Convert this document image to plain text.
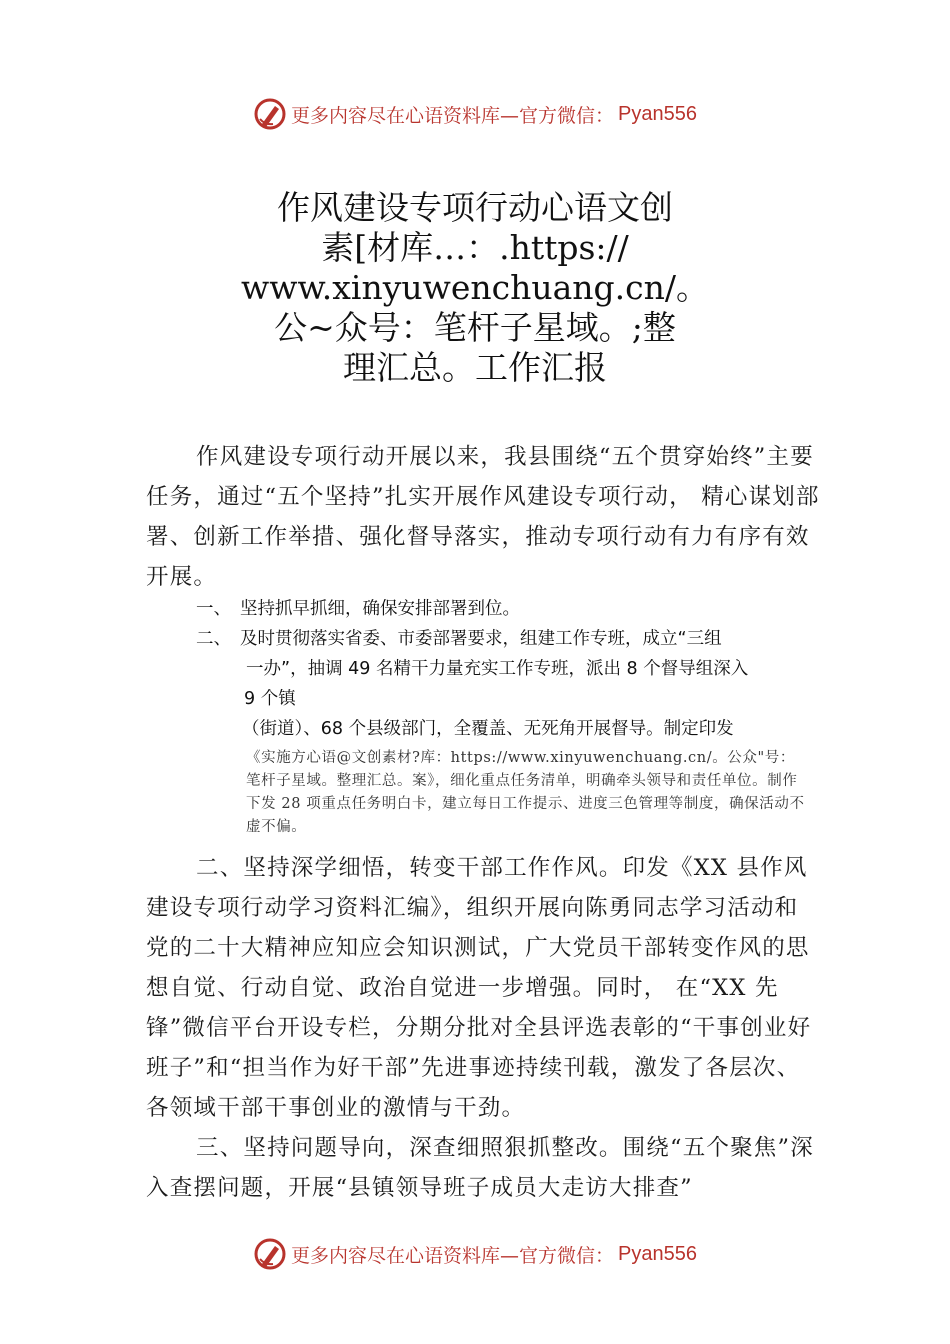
更多内容尽在心语资料库—官方微信： Pyan556
作风建设专项行动心语文创
素[材库…：.https://
www.xinyuwenchuang.cn/。
公~众号：笔杆子星域。;整
理汇总。工作汇报
作风建设专项行动开展以来，我县围绕“五个贯穿始终”主要任务，通过“五个坚持”扎实开展作风建设专项行动， 精心谋划部署、创新工作举措、强化督导落实，推动专项行动有力有序有效开展。
一、 坚持抓早抓细，确保安排部署到位。
二、 及时贯彻落实省委、市委部署要求，组建工作专班，成立“三组
一办”，抽调 49 名精干力量充实工作专班，派出 8 个督导组深入
9 个镇
（街道）、68 个县级部门，全覆盖、无死角开展督导。制定印发
《实施方心语@文创素材?库：https://www.xinyuwenchuang.cn/。公众"号：笔杆子星域。整理汇总。案》，细化重点任务清单，明确牵头领导和责任单位。制作下发 28 项重点任务明白卡，建立每日工作提示、进度三色管理等制度，确保活动不虚不偏。
二、坚持深学细悟，转变干部工作作风。印发《XX 县作风建设专项行动学习资料汇编》，组织开展向陈勇同志学习活动和党的二十大精神应知应会知识测试，广大党员干部转变作风的思想自觉、行动自觉、政治自觉进一步增强。同时， 在“XX 先锋”微信平台开设专栏，分期分批对全县评选表彰的“干事创业好班子”和“担当作为好干部”先进事迹持续刊载，激发了各层次、各领域干部干事创业的激情与干劲。
三、坚持问题导向，深查细照狠抓整改。围绕“五个聚焦”深入查摆问题，开展“县镇领导班子成员大走访大排查”
更多内容尽在心语资料库—官方微信： Pyan556
